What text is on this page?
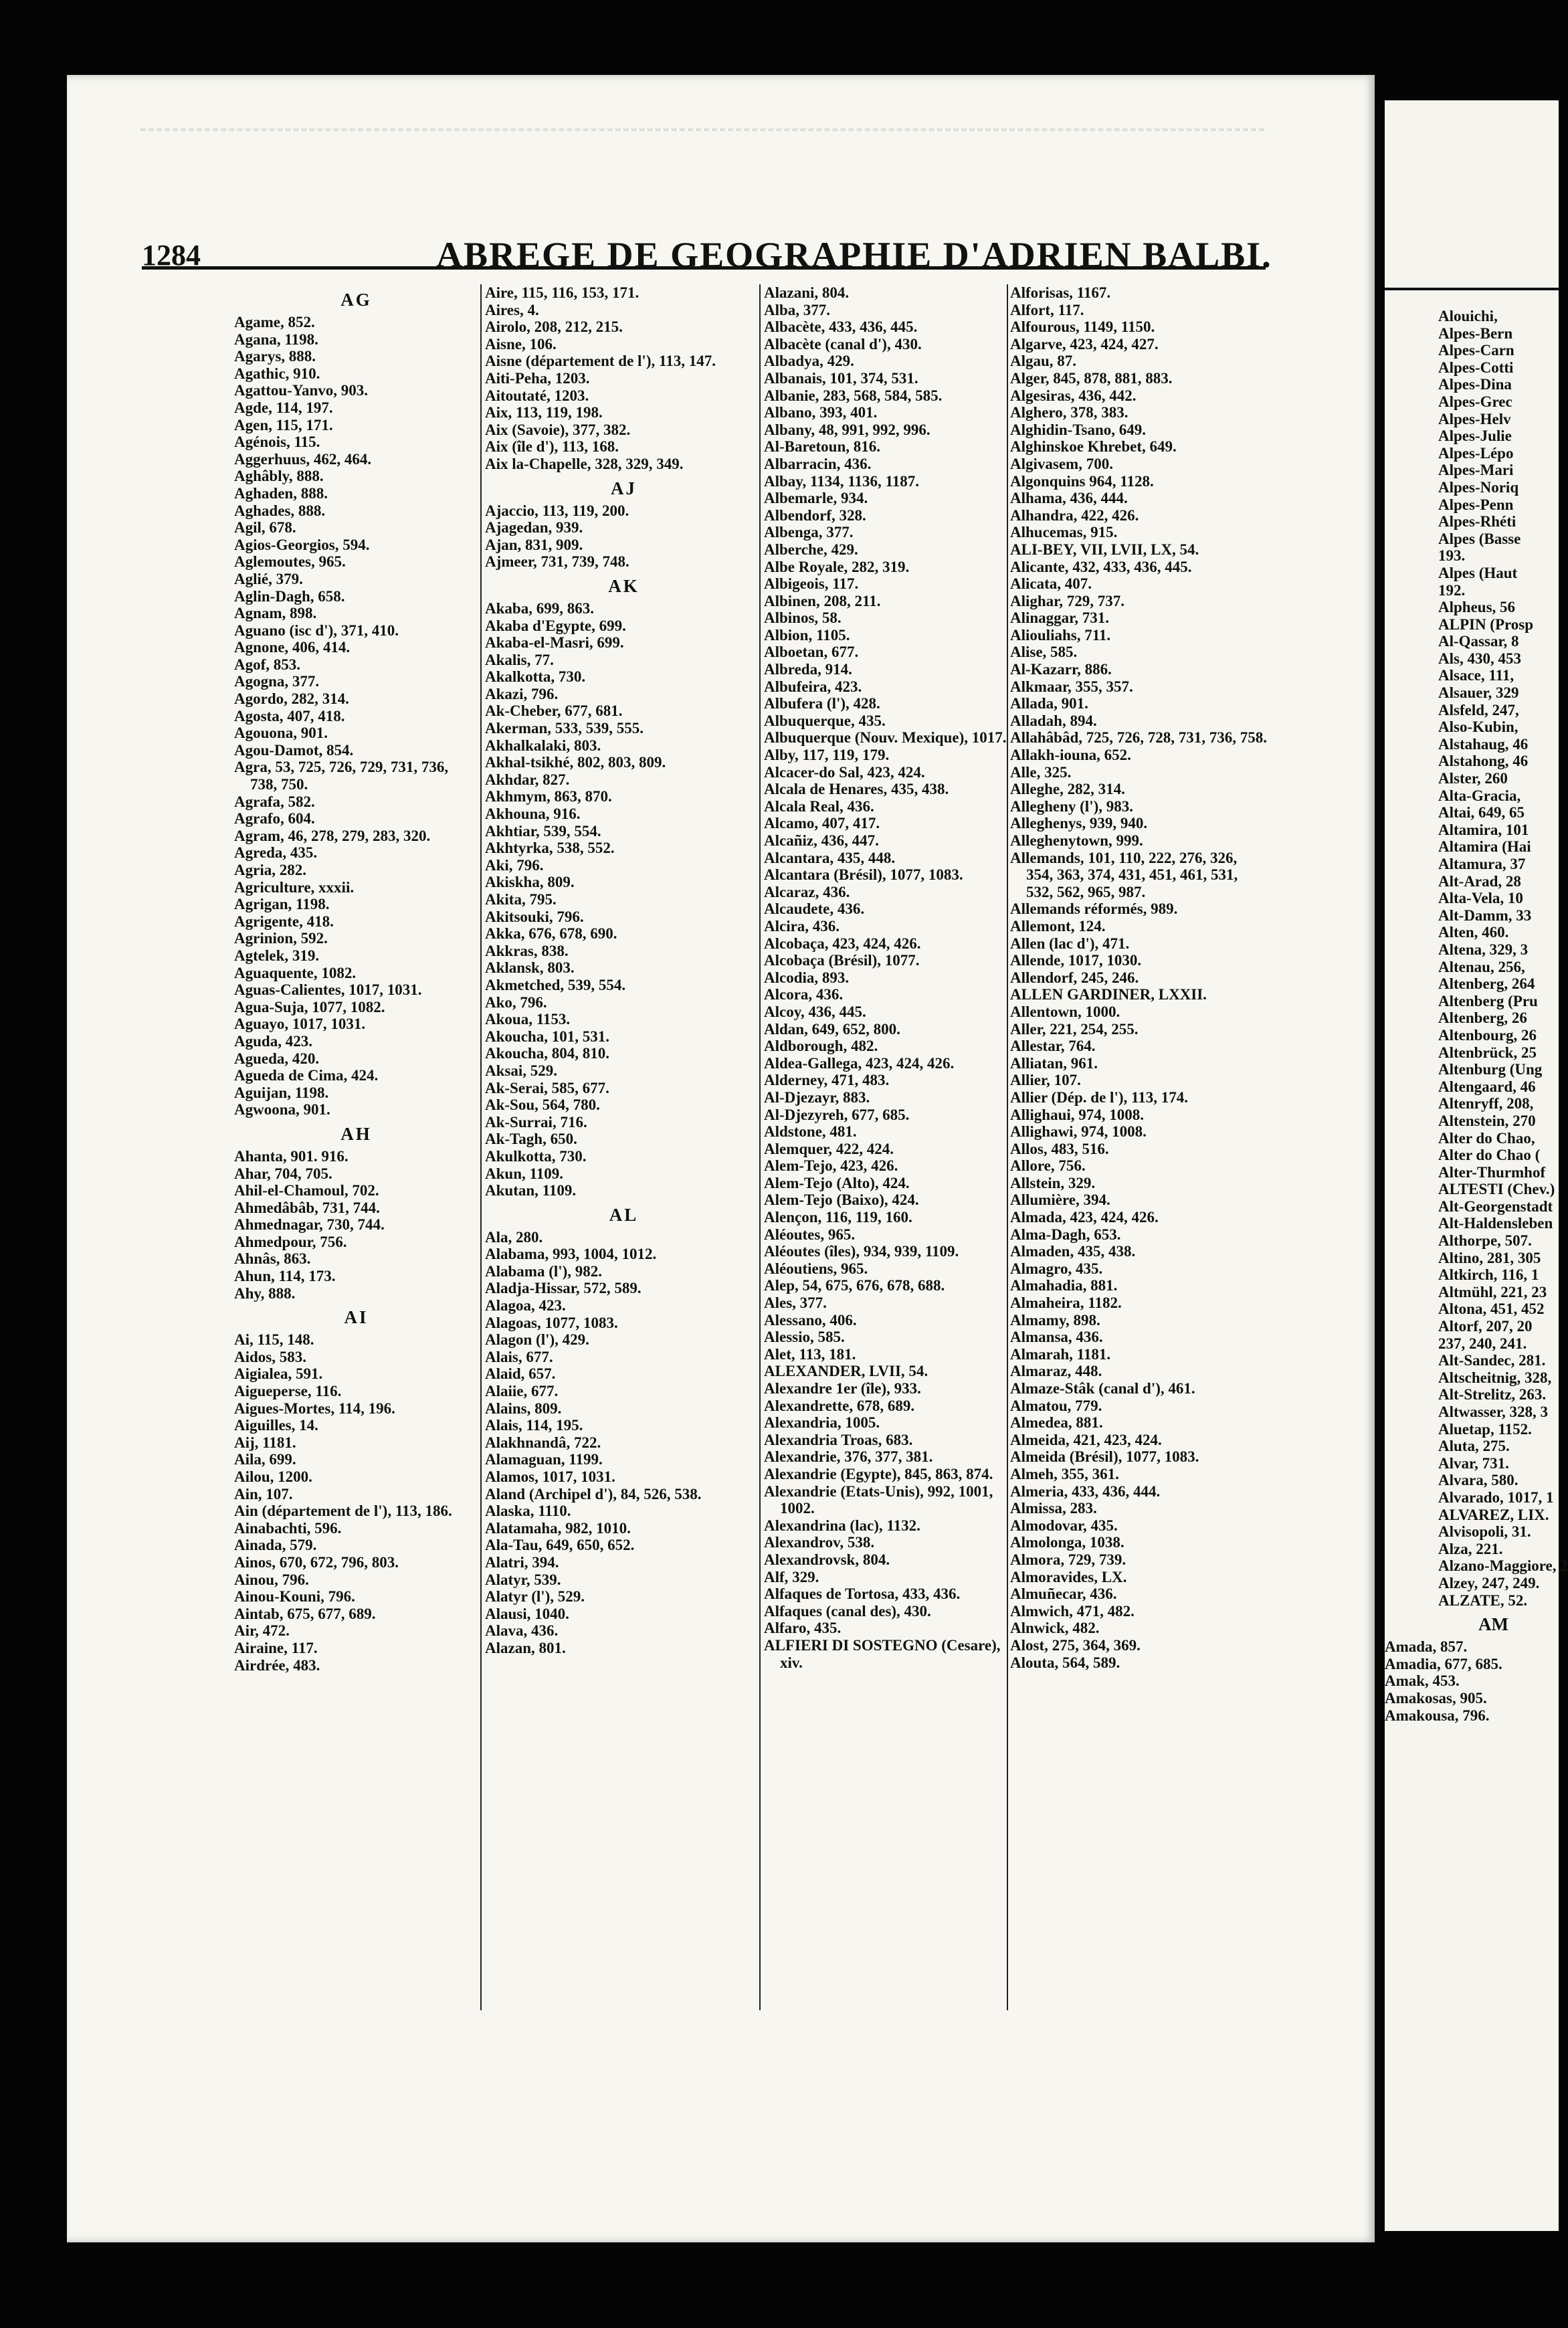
1284	ABREGE DE GEOGRAPHIE D'ADRIEN BALBI.
AG
Agame, 852.
Agana, 1198.
Agarys, 888.
Agathic, 910.
Agattou-Yanvo, 903.
Agde, 114, 197.
Agen, 115, 171.
Agénois, 115.
Aggerhuus, 462, 464.
Aghâbly, 888.
Aghaden, 888.
Aghades, 888.
Agil, 678.
Agios-Georgios, 594.
Aglemoutes, 965.
Aglié, 379.
Aglin-Dagh, 658.
Agnam, 898.
Aguano (isc d'), 371, 410.
Agnone, 406, 414.
Agof, 853.
Agogna, 377.
Agordo, 282, 314.
Agosta, 407, 418.
Agouona, 901.
Agou-Damot, 854.
Agra, 53, 725, 726, 729, 731, 736, 738, 750.
Agrafa, 582.
Agrafo, 604.
Agram, 46, 278, 279, 283, 320.
Agreda, 435.
Agria, 282.
Agriculture, xxxii.
Agrigan, 1198.
Agrigente, 418.
Agrinion, 592.
Agtelek, 319.
Aguaquente, 1082.
Aguas-Calientes, 1017, 1031.
Agua-Suja, 1077, 1082.
Aguayo, 1017, 1031.
Aguda, 423.
Agueda, 420.
Agueda de Cima, 424.
Aguijan, 1198.
Agwoona, 901.
AH
Ahanta, 901. 916.
Ahar, 704, 705.
Ahil-el-Chamoul, 702.
Ahmedâbâb, 731, 744.
Ahmednagar, 730, 744.
Ahmedpour, 756.
Ahnâs, 863.
Ahun, 114, 173.
Ahy, 888.
AI
Ai, 115, 148.
Aidos, 583.
Aigialea, 591.
Aigueperse, 116.
Aigues-Mortes, 114, 196.
Aiguilles, 14.
Aij, 1181.
Aila, 699.
Ailou, 1200.
Ain, 107.
Ain (département de l'), 113, 186.
Ainabachti, 596.
Ainada, 579.
Ainos, 670, 672, 796, 803.
Ainou, 796.
Ainou-Kouni, 796.
Aintab, 675, 677, 689.
Air, 472.
Airaine, 117.
Airdrée, 483.
Aire, 115, 116, 153, 171.
Aires, 4.
Airolo, 208, 212, 215.
Aisne, 106.
Aisne (département de l'), 113, 147.
Aiti-Peha, 1203.
Aitoutaté, 1203.
Aix, 113, 119, 198.
Aix (Savoie), 377, 382.
Aix (île d'), 113, 168.
Aix la-Chapelle, 328, 329, 349.
AJ
Ajaccio, 113, 119, 200.
Ajagedan, 939.
Ajan, 831, 909.
Ajmeer, 731, 739, 748.
AK
Akaba, 699, 863.
Akaba d'Egypte, 699.
Akaba-el-Masri, 699.
Akalis, 77.
Akalkotta, 730.
Akazi, 796.
Ak-Cheber, 677, 681.
Akerman, 533, 539, 555.
Akhalkalaki, 803.
Akhal-tsikhé, 802, 803, 809.
Akhdar, 827.
Akhmym, 863, 870.
Akhouna, 916.
Akhtiar, 539, 554.
Akhtyrka, 538, 552.
Aki, 796.
Akiskha, 809.
Akita, 795.
Akitsouki, 796.
Akka, 676, 678, 690.
Akkras, 838.
Aklansk, 803.
Akmetched, 539, 554.
Ako, 796.
Akoua, 1153.
Akoucha, 101, 531.
Akoucha, 804, 810.
Aksai, 529.
Ak-Serai, 585, 677.
Ak-Sou, 564, 780.
Ak-Surrai, 716.
Ak-Tagh, 650.
Akulkotta, 730.
Akun, 1109.
Akutan, 1109.
AL
Ala, 280.
Alabama, 993, 1004, 1012.
Alabama (l'), 982.
Aladja-Hissar, 572, 589.
Alagoa, 423.
Alagoas, 1077, 1083.
Alagon (l'), 429.
Alais, 677.
Alaid, 657.
Alaiie, 677.
Alains, 809.
Alais, 114, 195.
Alakhnandâ, 722.
Alamaguan, 1199.
Alamos, 1017, 1031.
Aland (Archipel d'), 84, 526, 538.
Alaska, 1110.
Alatamaha, 982, 1010.
Ala-Tau, 649, 650, 652.
Alatri, 394.
Alatyr, 539.
Alatyr (l'), 529.
Alausi, 1040.
Alava, 436.
Alazan, 801.
Alazani, 804.
Alba, 377.
Albacète, 433, 436, 445.
Albacète (canal d'), 430.
Albadya, 429.
Albanais, 101, 374, 531.
Albanie, 283, 568, 584, 585.
Albano, 393, 401.
Albany, 48, 991, 992, 996.
Al-Baretoun, 816.
Albarracin, 436.
Albay, 1134, 1136, 1187.
Albemarle, 934.
Albendorf, 328.
Albenga, 377.
Alberche, 429.
Albe Royale, 282, 319.
Albigeois, 117.
Albinen, 208, 211.
Albinos, 58.
Albion, 1105.
Alboetan, 677.
Albreda, 914.
Albufeira, 423.
Albufera (l'), 428.
Albuquerque, 435.
Albuquerque (Nouv. Mexique), 1017.
Alby, 117, 119, 179.
Alcacer-do Sal, 423, 424.
Alcala de Henares, 435, 438.
Alcala Real, 436.
Alcamo, 407, 417.
Alcañiz, 436, 447.
Alcantara, 435, 448.
Alcantara (Brésil), 1077, 1083.
Alcaraz, 436.
Alcaudete, 436.
Alcira, 436.
Alcobaça, 423, 424, 426.
Alcobaça (Brésil), 1077.
Alcodia, 893.
Alcora, 436.
Alcoy, 436, 445.
Aldan, 649, 652, 800.
Aldborough, 482.
Aldea-Gallega, 423, 424, 426.
Alderney, 471, 483.
Al-Djezayr, 883.
Al-Djezyreh, 677, 685.
Aldstone, 481.
Alemquer, 422, 424.
Alem-Tejo, 423, 426.
Alem-Tejo (Alto), 424.
Alem-Tejo (Baixo), 424.
Alençon, 116, 119, 160.
Aléoutes, 965.
Aléoutes (îles), 934, 939, 1109.
Aléoutiens, 965.
Alep, 54, 675, 676, 678, 688.
Ales, 377.
Alessano, 406.
Alessio, 585.
Alet, 113, 181.
ALEXANDER, LVII, 54.
Alexandre 1er (île), 933.
Alexandrette, 678, 689.
Alexandria, 1005.
Alexandria Troas, 683.
Alexandrie, 376, 377, 381.
Alexandrie (Egypte), 845, 863, 874.
Alexandrie (Etats-Unis), 992, 1001, 1002.
Alexandrina (lac), 1132.
Alexandrov, 538.
Alexandrovsk, 804.
Alf, 329.
Alfaques de Tortosa, 433, 436.
Alfaques (canal des), 430.
Alfaro, 435.
ALFIERI DI SOSTEGNO (Cesare), xiv.
Alforisas, 1167.
Alfort, 117.
Alfourous, 1149, 1150.
Algarve, 423, 424, 427.
Algau, 87.
Alger, 845, 878, 881, 883.
Algesiras, 436, 442.
Alghero, 378, 383.
Alghidin-Tsano, 649.
Alghinskoe Khrebet, 649.
Algivasem, 700.
Algonquins 964, 1128.
Alhama, 436, 444.
Alhandra, 422, 426.
Alhucemas, 915.
ALI-BEY, VII, LVII, LX, 54.
Alicante, 432, 433, 436, 445.
Alicata, 407.
Alighar, 729, 737.
Alinaggar, 731.
Aliouliahs, 711.
Alise, 585.
Al-Kazarr, 886.
Alkmaar, 355, 357.
Allada, 901.
Alladah, 894.
Allahâbâd, 725, 726, 728, 731, 736, 758.
Allakh-iouna, 652.
Alle, 325.
Alleghe, 282, 314.
Allegheny (l'), 983.
Alleghenys, 939, 940.
Alleghenytown, 999.
Allemands, 101, 110, 222, 276, 326, 354, 363, 374, 431, 451, 461, 531, 532, 562, 965, 987.
Allemands réformés, 989.
Allemont, 124.
Allen (lac d'), 471.
Allende, 1017, 1030.
Allendorf, 245, 246.
ALLEN GARDINER, LXXII.
Allentown, 1000.
Aller, 221, 254, 255.
Allestar, 764.
Alliatan, 961.
Allier, 107.
Allier (Dép. de l'), 113, 174.
Allighaui, 974, 1008.
Allighawi, 974, 1008.
Allos, 483, 516.
Allore, 756.
Allstein, 329.
Allumière, 394.
Almada, 423, 424, 426.
Alma-Dagh, 653.
Almaden, 435, 438.
Almagro, 435.
Almahadia, 881.
Almaheira, 1182.
Almamy, 898.
Almansa, 436.
Almarah, 1181.
Almaraz, 448.
Almaze-Stâk (canal d'), 461.
Almatou, 779.
Almedea, 881.
Almeida, 421, 423, 424.
Almeida (Brésil), 1077, 1083.
Almeh, 355, 361.
Almeria, 433, 436, 444.
Almissa, 283.
Almodovar, 435.
Almolonga, 1038.
Almora, 729, 739.
Almoravides, LX.
Almuñecar, 436.
Almwich, 471, 482.
Alnwick, 482.
Alost, 275, 364, 369.
Alouta, 564, 589.
Alouichi,
Alpes-Bern
Alpes-Carn
Alpes-Cotti
Alpes-Dina
Alpes-Grec
Alpes-Helv
Alpes-Julie
Alpes-Lépo
Alpes-Mari
Alpes-Noriq
Alpes-Penn
Alpes-Rhéti
Alpes (Basse
193.
Alpes (Haut
192.
Alpheus, 56
ALPIN (Prosp
Al-Qassar, 8
Als, 430, 453
Alsace, 111,
Alsauer, 329
Alsfeld, 247,
Also-Kubin,
Alstahaug, 46
Alstahong, 46
Alster, 260
Alta-Gracia,
Altai, 649, 65
Altamira, 101
Altamira (Hai
Altamura, 37
Alt-Arad, 28
Alta-Vela, 10
Alt-Damm, 33
Alten, 460.
Altena, 329, 3
Altenau, 256,
Altenberg, 264
Altenberg (Pru
Altenberg, 26
Altenbourg, 26
Altenbrück, 25
Altenburg (Ung
Altengaard, 46
Altenryff, 208,
Altenstein, 270
Alter do Chao,
Alter do Chao (
Alter-Thurmhof
ALTESTI (Chev.)
Alt-Georgenstadt
Alt-Haldensleben
Althorpe, 507.
Altino, 281, 305
Altkirch, 116, 1
Altmühl, 221, 23
Altona, 451, 452
Altorf, 207, 20
237, 240, 241.
Alt-Sandec, 281.
Altscheitnig, 328,
Alt-Strelitz, 263.
Altwasser, 328, 3
Aluetap, 1152.
Aluta, 275.
Alvar, 731.
Alvara, 580.
Alvarado, 1017, 1
ALVAREZ, LIX.
Alvisopoli, 31.
Alza, 221.
Alzano-Maggiore, 2
Alzey, 247, 249.
ALZATE, 52.
AM
Amada, 857.
Amadia, 677, 685.
Amak, 453.
Amakosas, 905.
Amakousa, 796.
